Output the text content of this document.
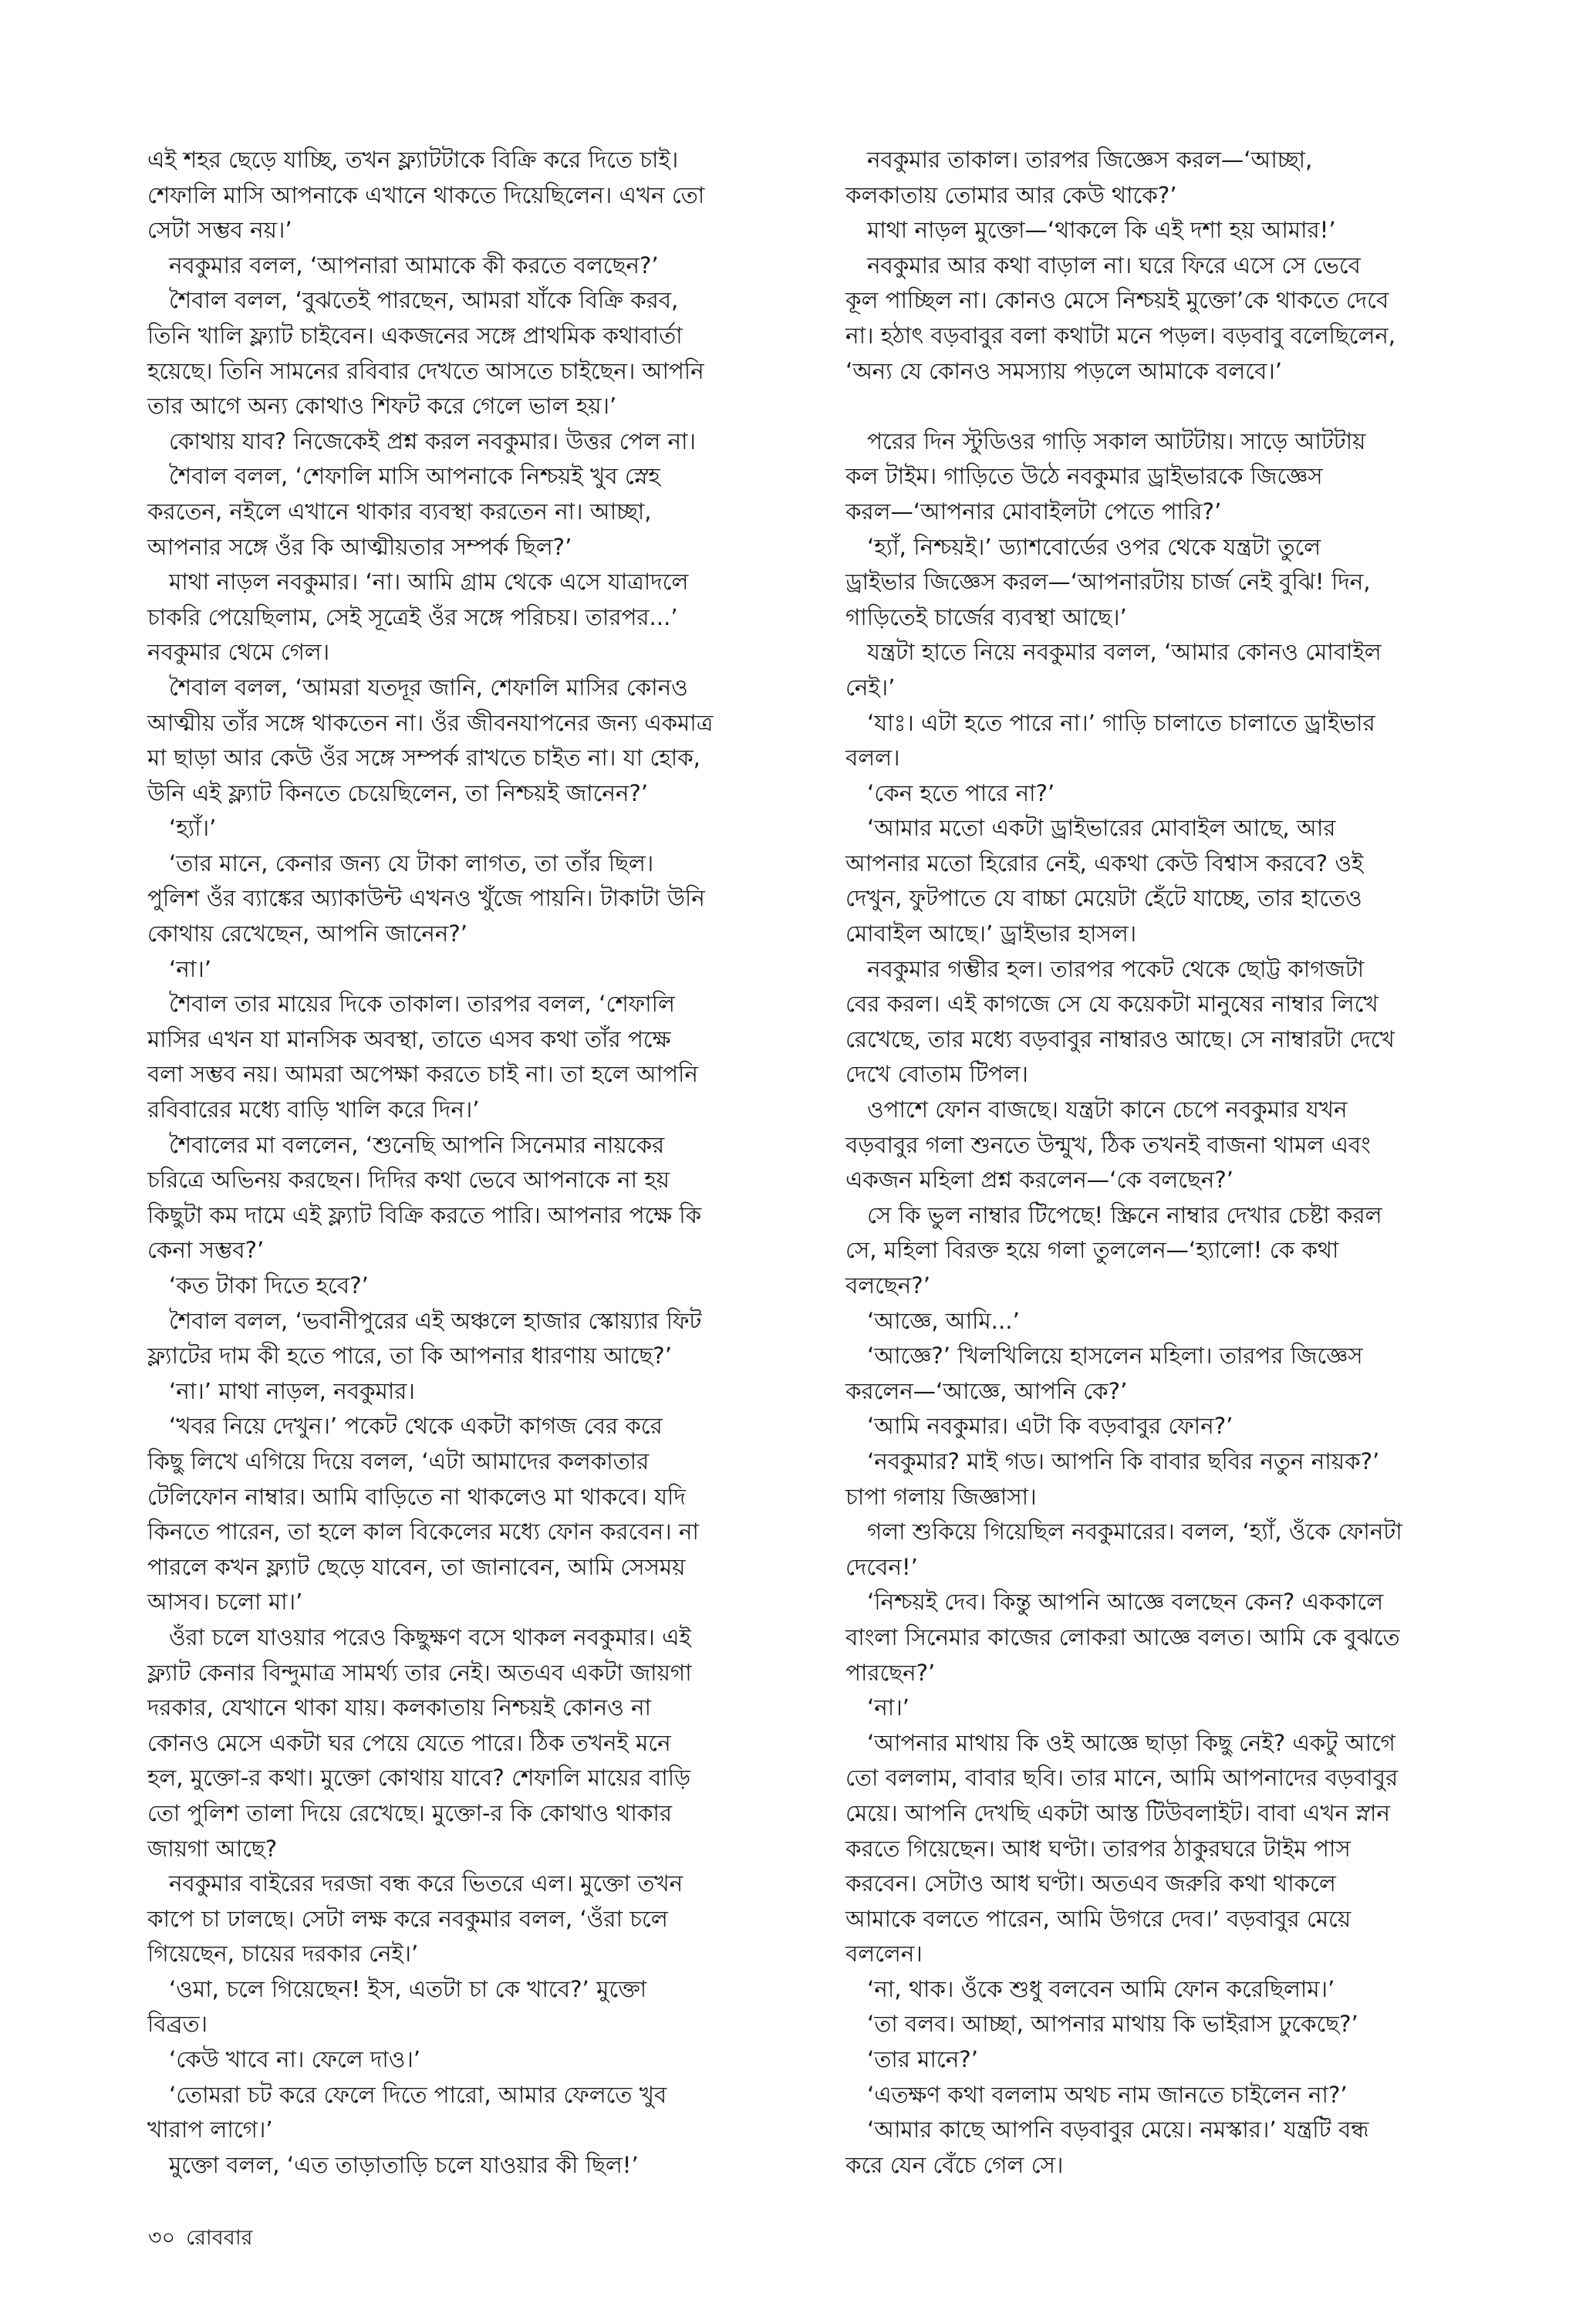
এই শহর ছেড়ে যাচ্ছি, তখন ফ্ল্যাটটাকে বিক্রি করে দিতে চাই।
শেফালি মাসি আপনাকে এখানে থাকতে দিয়েছিলেন। এখন তো
সেটা সম্ভব নয়।’
নবকুমার বলল, ‘আপনারা আমাকে কী করতে বলছেন?’
শৈবাল বলল, ‘বুঝতেই পারছেন, আমরা যাঁকে বিক্রি করব,
তিনি খালি ফ্ল্যাট চাইবেন। একজনের সঙ্গে প্রাথমিক কথাবার্তা
হয়েছে। তিনি সামনের রবিবার দেখতে আসতে চাইছেন। আপনি
তার আগে অন্য কোথাও শিফট করে গেলে ভাল হয়।’
কোথায় যাব? নিজেকেই প্রশ্ন করল নবকুমার। উত্তর পেল না।
শৈবাল বলল, ‘শেফালি মাসি আপনাকে নিশ্চয়ই খুব স্নেহ
করতেন, নইলে এখানে থাকার ব্যবস্থা করতেন না। আচ্ছা,
আপনার সঙ্গে ওঁর কি আত্মীয়তার সম্পর্ক ছিল?’
মাথা নাড়ল নবকুমার। ‘না। আমি গ্রাম থেকে এসে যাত্রাদলে
চাকরি পেয়েছিলাম, সেই সূত্রেই ওঁর সঙ্গে পরিচয়। তারপর...’
নবকুমার থেমে গেল।
শৈবাল বলল, ‘আমরা যতদূর জানি, শেফালি মাসির কোনও
আত্মীয় তাঁর সঙ্গে থাকতেন না। ওঁর জীবনযাপনের জন্য একমাত্র
মা ছাড়া আর কেউ ওঁর সঙ্গে সম্পর্ক রাখতে চাইত না। যা হোক,
উনি এই ফ্ল্যাট কিনতে চেয়েছিলেন, তা নিশ্চয়ই জানেন?’
‘হ্যাঁ।’
‘তার মানে, কেনার জন্য যে টাকা লাগত, তা তাঁর ছিল।
পুলিশ ওঁর ব্যাঙ্কের অ্যাকাউন্ট এখনও খুঁজে পায়নি। টাকাটা উনি
কোথায় রেখেছেন, আপনি জানেন?’
‘না।’
শৈবাল তার মায়ের দিকে তাকাল। তারপর বলল, ‘শেফালি
মাসির এখন যা মানসিক অবস্থা, তাতে এসব কথা তাঁর পক্ষে
বলা সম্ভব নয়। আমরা অপেক্ষা করতে চাই না। তা হলে আপনি
রবিবারের মধ্যে বাড়ি খালি করে দিন।’
শৈবালের মা বললেন, ‘শুনেছি আপনি সিনেমার নায়কের
চরিত্রে অভিনয় করছেন। দিদির কথা ভেবে আপনাকে না হয়
কিছুটা কম দামে এই ফ্ল্যাট বিক্রি করতে পারি। আপনার পক্ষে কি
কেনা সম্ভব?’
‘কত টাকা দিতে হবে?’
শৈবাল বলল, ‘ভবানীপুরের এই অঞ্চলে হাজার স্কোয়্যার ফিট
ফ্ল্যাটের দাম কী হতে পারে, তা কি আপনার ধারণায় আছে?’
‘না।’ মাথা নাড়ল, নবকুমার।
‘খবর নিয়ে দেখুন।’ পকেট থেকে একটা কাগজ বের করে
কিছু লিখে এগিয়ে দিয়ে বলল, ‘এটা আমাদের কলকাতার
টেলিফোন নাম্বার। আমি বাড়িতে না থাকলেও মা থাকবে। যদি
কিনতে পারেন, তা হলে কাল বিকেলের মধ্যে ফোন করবেন। না
পারলে কখন ফ্ল্যাট ছেড়ে যাবেন, তা জানাবেন, আমি সেসময়
আসব। চলো মা।’
ওঁরা চলে যাওয়ার পরেও কিছুক্ষণ বসে থাকল নবকুমার। এই
ফ্ল্যাট কেনার বিন্দুমাত্র সামর্থ্য তার নেই। অতএব একটা জায়গা
দরকার, যেখানে থাকা যায়। কলকাতায় নিশ্চয়ই কোনও না
কোনও মেসে একটা ঘর পেয়ে যেতে পারে। ঠিক তখনই মনে
হল, মুক্তো-র কথা। মুক্তো কোথায় যাবে? শেফালি মায়ের বাড়ি
তো পুলিশ তালা দিয়ে রেখেছে। মুক্তো-র কি কোথাও থাকার
জায়গা আছে?
নবকুমার বাইরের দরজা বন্ধ করে ভিতরে এল। মুক্তো তখন
কাপে চা ঢালছে। সেটা লক্ষ করে নবকুমার বলল, ‘ওঁরা চলে
গিয়েছেন, চায়ের দরকার নেই।’
‘ওমা, চলে গিয়েছেন! ইস, এতটা চা কে খাবে?’ মুক্তো
বিব্রত।
‘কেউ খাবে না। ফেলে দাও।’
‘তোমরা চট করে ফেলে দিতে পারো, আমার ফেলতে খুব
খারাপ লাগে।’
মুক্তো বলল, ‘এত তাড়াতাড়ি চলে যাওয়ার কী ছিল!’
নবকুমার তাকাল। তারপর জিজ্ঞেস করল—‘আচ্ছা,
কলকাতায় তোমার আর কেউ থাকে?’
মাথা নাড়ল মুক্তো—‘থাকলে কি এই দশা হয় আমার!’
নবকুমার আর কথা বাড়াল না। ঘরে ফিরে এসে সে ভেবে
কূল পাচ্ছিল না। কোনও মেসে নিশ্চয়ই মুক্তো’কে থাকতে দেবে
না। হঠাৎ বড়বাবুর বলা কথাটা মনে পড়ল। বড়বাবু বলেছিলেন,
‘অন্য যে কোনও সমস্যায় পড়লে আমাকে বলবে।’
পরের দিন স্টুডিওর গাড়ি সকাল আটটায়। সাড়ে আটটায়
কল টাইম। গাড়িতে উঠে নবকুমার ড্রাইভারকে জিজ্ঞেস
করল—‘আপনার মোবাইলটা পেতে পারি?’
‘হ্যাঁ, নিশ্চয়ই।’ ড্যাশবোর্ডের ওপর থেকে যন্ত্রটা তুলে
ড্রাইভার জিজ্ঞেস করল—‘আপনারটায় চার্জ নেই বুঝি! দিন,
গাড়িতেই চার্জের ব্যবস্থা আছে।’
যন্ত্রটা হাতে নিয়ে নবকুমার বলল, ‘আমার কোনও মোবাইল
নেই।’
‘যাঃ। এটা হতে পারে না।’ গাড়ি চালাতে চালাতে ড্রাইভার
বলল।
‘কেন হতে পারে না?’
‘আমার মতো একটা ড্রাইভারের মোবাইল আছে, আর
আপনার মতো হিরোর নেই, একথা কেউ বিশ্বাস করবে? ওই
দেখুন, ফুটপাতে যে বাচ্চা মেয়েটা হেঁটে যাচ্ছে, তার হাতেও
মোবাইল আছে।’ ড্রাইভার হাসল।
নবকুমার গম্ভীর হল। তারপর পকেট থেকে ছোট্ট কাগজটা
বের করল। এই কাগজে সে যে কয়েকটা মানুষের নাম্বার লিখে
রেখেছে, তার মধ্যে বড়বাবুর নাম্বারও আছে। সে নাম্বারটা দেখে
দেখে বোতাম টিপল।
ওপাশে ফোন বাজছে। যন্ত্রটা কানে চেপে নবকুমার যখন
বড়বাবুর গলা শুনতে উন্মুখ, ঠিক তখনই বাজনা থামল এবং
একজন মহিলা প্রশ্ন করলেন—‘কে বলছেন?’
সে কি ভুল নাম্বার টিপেছে! স্ক্রিনে নাম্বার দেখার চেষ্টা করল
সে, মহিলা বিরক্ত হয়ে গলা তুললেন—‘হ্যালো! কে কথা
বলছেন?’
‘আজ্ঞে, আমি...’
‘আজ্ঞে?’ খিলখিলিয়ে হাসলেন মহিলা। তারপর জিজ্ঞেস
করলেন—‘আজ্ঞে, আপনি কে?’
‘আমি নবকুমার। এটা কি বড়বাবুর ফোন?’
‘নবকুমার? মাই গড। আপনি কি বাবার ছবির নতুন নায়ক?’
চাপা গলায় জিজ্ঞাসা।
গলা শুকিয়ে গিয়েছিল নবকুমারের। বলল, ‘হ্যাঁ, ওঁকে ফোনটা
দেবেন!’
‘নিশ্চয়ই দেব। কিন্তু আপনি আজ্ঞে বলছেন কেন? এককালে
বাংলা সিনেমার কাজের লোকরা আজ্ঞে বলত। আমি কে বুঝতে
পারছেন?’
‘না।’
‘আপনার মাথায় কি ওই আজ্ঞে ছাড়া কিছু নেই? একটু আগে
তো বললাম, বাবার ছবি। তার মানে, আমি আপনাদের বড়বাবুর
মেয়ে। আপনি দেখছি একটা আস্ত টিউবলাইট। বাবা এখন স্নান
করতে গিয়েছেন। আধ ঘণ্টা। তারপর ঠাকুরঘরে টাইম পাস
করবেন। সেটাও আধ ঘণ্টা। অতএব জরুরি কথা থাকলে
আমাকে বলতে পারেন, আমি উগরে দেব।’ বড়বাবুর মেয়ে
বললেন।
‘না, থাক। ওঁকে শুধু বলবেন আমি ফোন করেছিলাম।’
‘তা বলব। আচ্ছা, আপনার মাথায় কি ভাইরাস ঢুকেছে?’
‘তার মানে?’
‘এতক্ষণ কথা বললাম অথচ নাম জানতে চাইলেন না?’
‘আমার কাছে আপনি বড়বাবুর মেয়ে। নমস্কার।’ যন্ত্রটি বন্ধ
করে যেন বেঁচে গেল সে।
৩০ রোববার
